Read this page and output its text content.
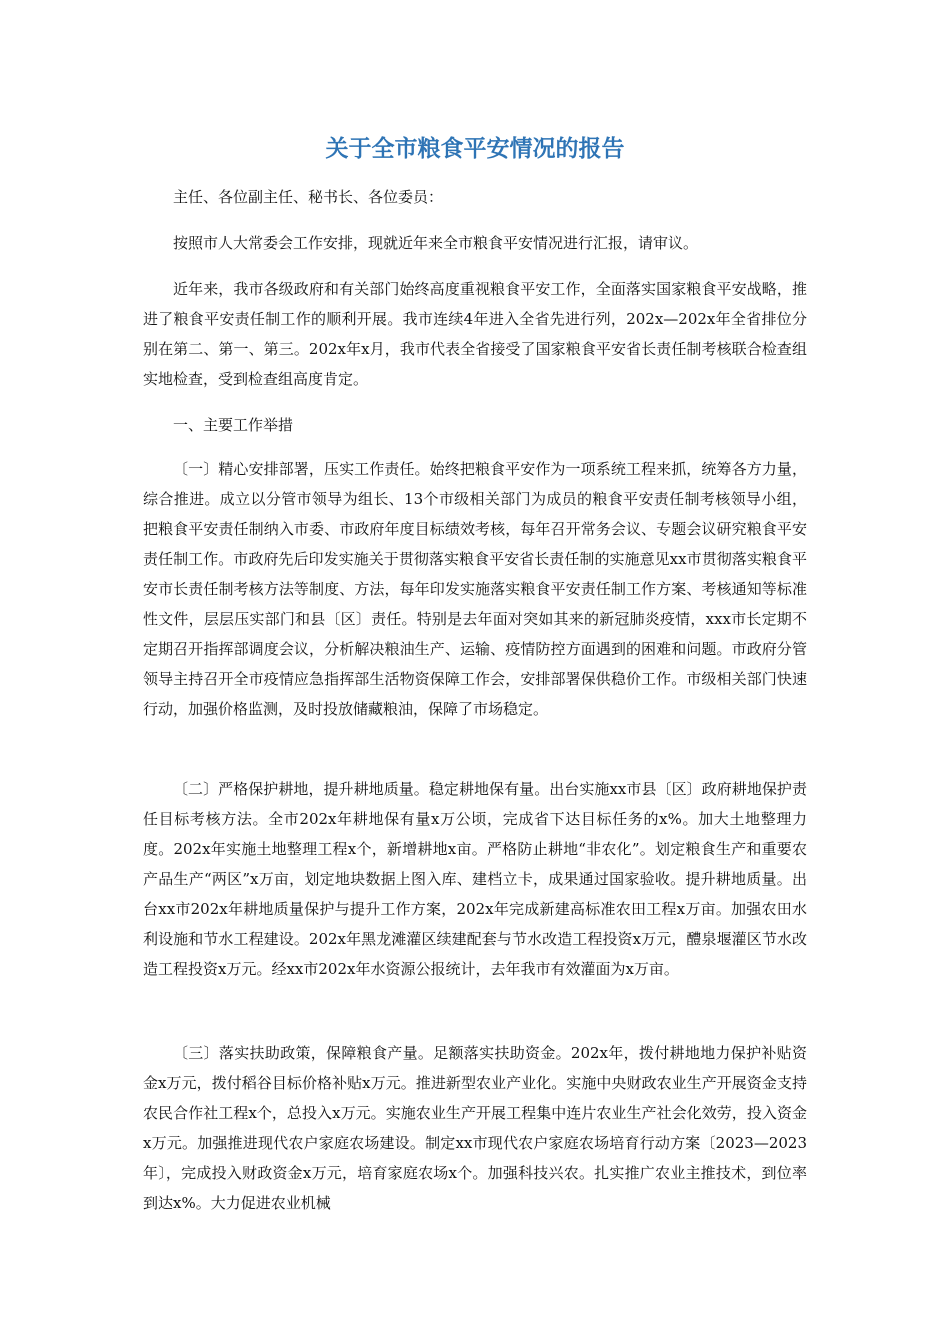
关于全市粮食平安情况的报告

主任、各位副主任、秘书长、各位委员：

按照市人大常委会工作安排，现就近年来全市粮食平安情况进行汇报，请审议。

近年来，我市各级政府和有关部门始终高度重视粮食平安工作，全面落实国家粮食平安战略，推进了粮食平安责任制工作的顺利开展。我市连续4年进入全省先进行列，202x—202x年全省排位分别在第二、第一、第三。202x年x月，我市代表全省接受了国家粮食平安省长责任制考核联合检查组实地检查，受到检查组高度肯定。

一、主要工作举措

〔一〕精心安排部署，压实工作责任。始终把粮食平安作为一项系统工程来抓，统筹各方力量，综合推进。成立以分管市领导为组长、13个市级相关部门为成员的粮食平安责任制考核领导小组，把粮食平安责任制纳入市委、市政府年度目标绩效考核，每年召开常务会议、专题会议研究粮食平安责任制工作。市政府先后印发实施关于贯彻落实粮食平安省长责任制的实施意见xx市贯彻落实粮食平安市长责任制考核方法等制度、方法，每年印发实施落实粮食平安责任制工作方案、考核通知等标准性文件，层层压实部门和县〔区〕责任。特别是去年面对突如其来的新冠肺炎疫情，xxx市长定期不定期召开指挥部调度会议，分析解决粮油生产、运输、疫情防控方面遇到的困难和问题。市政府分管领导主持召开全市疫情应急指挥部生活物资保障工作会，安排部署保供稳价工作。市级相关部门快速行动，加强价格监测，及时投放储藏粮油，保障了市场稳定。

〔二〕严格保护耕地，提升耕地质量。稳定耕地保有量。出台实施xx市县〔区〕政府耕地保护责任目标考核方法。全市202x年耕地保有量x万公顷，完成省下达目标任务的x%。加大土地整理力度。202x年实施土地整理工程x个，新增耕地x亩。严格防止耕地“非农化”。划定粮食生产和重要农产品生产“两区”x万亩，划定地块数据上图入库、建档立卡，成果通过国家验收。提升耕地质量。出台xx市202x年耕地质量保护与提升工作方案，202x年完成新建高标准农田工程x万亩。加强农田水利设施和节水工程建设。202x年黑龙滩灌区续建配套与节水改造工程投资x万元，醴泉堰灌区节水改造工程投资x万元。经xx市202x年水资源公报统计，去年我市有效灌面为x万亩。

〔三〕落实扶助政策，保障粮食产量。足额落实扶助资金。202x年，拨付耕地地力保护补贴资金x万元，拨付稻谷目标价格补贴x万元。推进新型农业产业化。实施中央财政农业生产开展资金支持农民合作社工程x个，总投入x万元。实施农业生产开展工程集中连片农业生产社会化效劳，投入资金x万元。加强推进现代农户家庭农场建设。制定xx市现代农户家庭农场培育行动方案〔2023—2023年〕，完成投入财政资金x万元，培育家庭农场x个。加强科技兴农。扎实推广农业主推技术，到位率到达x%。大力促进农业机械
